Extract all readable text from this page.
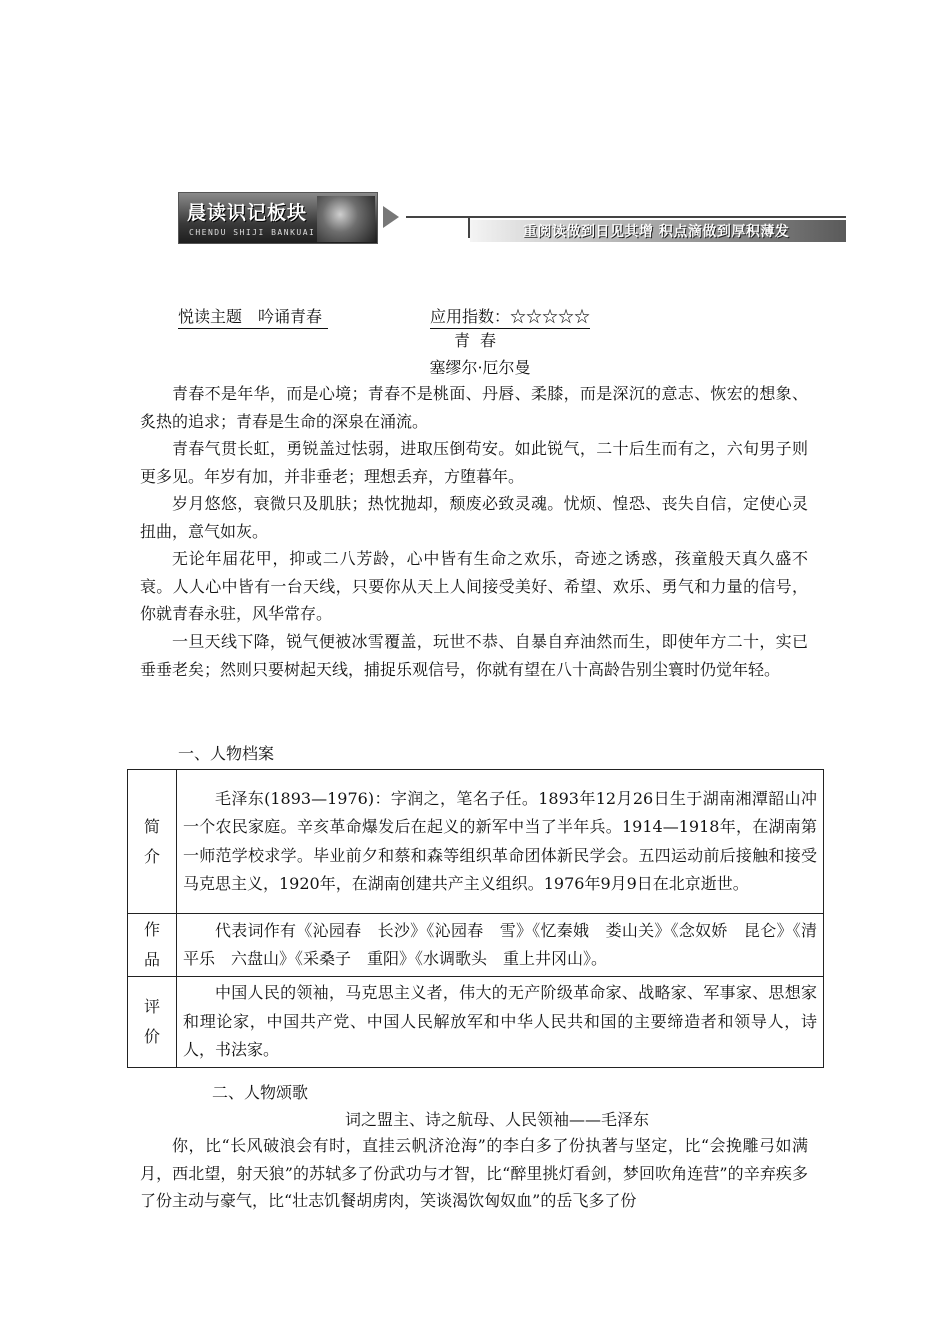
晨读识记板块
CHENDU SHIJI BANKUAI	重阅读做到日见其增 积点滴做到厚积薄发
悦读主题　吟诵青春	应用指数：☆☆☆☆☆
青春
塞缪尔·厄尔曼

青春不是年华，而是心境；青春不是桃面、丹唇、柔膝，而是深沉的意志、恢宏的想象、炙热的追求；青春是生命的深泉在涌流。

青春气贯长虹，勇锐盖过怯弱，进取压倒苟安。如此锐气，二十后生而有之，六旬男子则更多见。年岁有加，并非垂老；理想丢弃，方堕暮年。

岁月悠悠，衰微只及肌肤；热忱抛却，颓废必致灵魂。忧烦、惶恐、丧失自信，定使心灵扭曲，意气如灰。

无论年届花甲，抑或二八芳龄，心中皆有生命之欢乐，奇迹之诱惑，孩童般天真久盛不衰。人人心中皆有一台天线，只要你从天上人间接受美好、希望、欢乐、勇气和力量的信号，你就青春永驻，风华常存。

一旦天线下降，锐气便被冰雪覆盖，玩世不恭、自暴自弃油然而生，即使年方二十，实已垂垂老矣；然则只要树起天线，捕捉乐观信号，你就有望在八十高龄告别尘寰时仍觉年轻。

一、人物档案
简介	毛泽东(1893—1976)：字润之，笔名子任。1893年12月26日生于湖南湘潭韶山冲一个农民家庭。辛亥革命爆发后在起义的新军中当了半年兵。1914—1918年，在湖南第一师范学校求学。毕业前夕和蔡和森等组织革命团体新民学会。五四运动前后接触和接受马克思主义，1920年，在湖南创建共产主义组织。1976年9月9日在北京逝世。
作品	代表词作有《沁园春　长沙》《沁园春　雪》《忆秦娥　娄山关》《念奴娇　昆仑》《清平乐　六盘山》《采桑子　重阳》《水调歌头　重上井冈山》。
评价	中国人民的领袖，马克思主义者，伟大的无产阶级革命家、战略家、军事家、思想家和理论家，中国共产党、中国人民解放军和中华人民共和国的主要缔造者和领导人，诗人，书法家。
二、人物颂歌
词之盟主、诗之航母、人民领袖——毛泽东

你，比“长风破浪会有时，直挂云帆济沧海”的李白多了份执著与坚定，比“会挽雕弓如满月，西北望，射天狼”的苏轼多了份武功与才智，比“醉里挑灯看剑，梦回吹角连营”的辛弃疾多了份主动与豪气，比“壮志饥餐胡虏肉，笑谈渴饮匈奴血”的岳飞多了份
